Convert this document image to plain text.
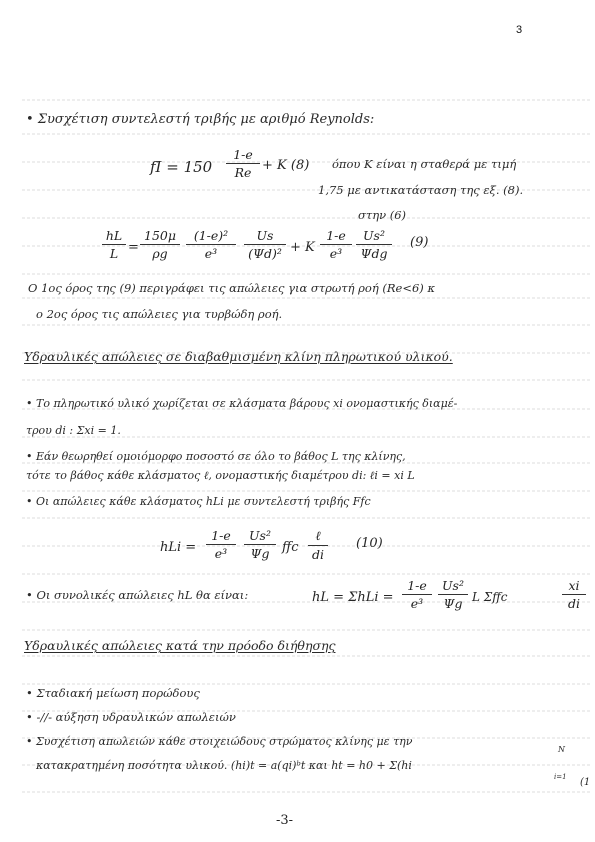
3
• Συσχέτιση συντελεστή τριβής με αριθμό Reynolds:
fI = $150 \frac{1-e}{Re} + K$ (8) όπου K είναι η σταθερά με τιμή
1,75 με αντικατάσταση της εξ. (8).
στην (6)
$\frac{hL}{L} = \frac{150\mu}{\rho g} \frac{\text{(1-e)²}}{\text{e³}} \frac{Us}{\text{(Ψd)²}} + K \frac{1-e}{\text{e³}} Us^2$
Ψdg
(9)
Ο 1ος όρος της (9) περιγράφει τις απώλειες για στρωτή ροή (Re<6) κ
ο 2ος όρος τις απώλειες για τυρβώδη ροή.
Υδραυλικές απώλειες σε διαβαθμισμένη κλίνη πληρωτικού υλικού.
• Το πληρωτικό υλικό χωρίζεται σε κλάσματα βάρους xi ονομαστικής διαμέ-
τρου di : Σxi = 1.
• Εάν θεωρηθεί ομοιόμορφο ποσοστό σε όλο το βάθος L της κλίνης,
τότε το βάθος κάθε κλάσματος ℓ, ονομαστικής διαμέτρου di: ℓi = xi L
• Οι απώλειες κάθε κλάσματος hLi με συντελεστή τριβής Ffc
hLi = $\frac{1-e}{\text{e³}} \frac{\text{Us²}}{\Psi g}$ ffc
ℓ
di
(10)
• Οι συνολικές απώλειες hL θα είναι:	hL = $\Sigma hLi = \frac{1-e}{\text{e³}} \frac{\text{Us²}}{\Psi g}$ L Σffc	$\frac{xi}{di}$
Υδραυλικές απώλειες κατά την πρόοδο διήθησης
• Σταδιακή μείωση πορώδους
• -//- αύξηση υδραυλικών απωλειών
• Συσχέτιση απωλειών κάθε στοιχειώδους στρώματος κλίνης με την
κατακρατημένη ποσότητα υλικού. (hi)t = a(qi)ᵇt και ht = h0 + Σ(hi
N
i=1 (1
-3-
